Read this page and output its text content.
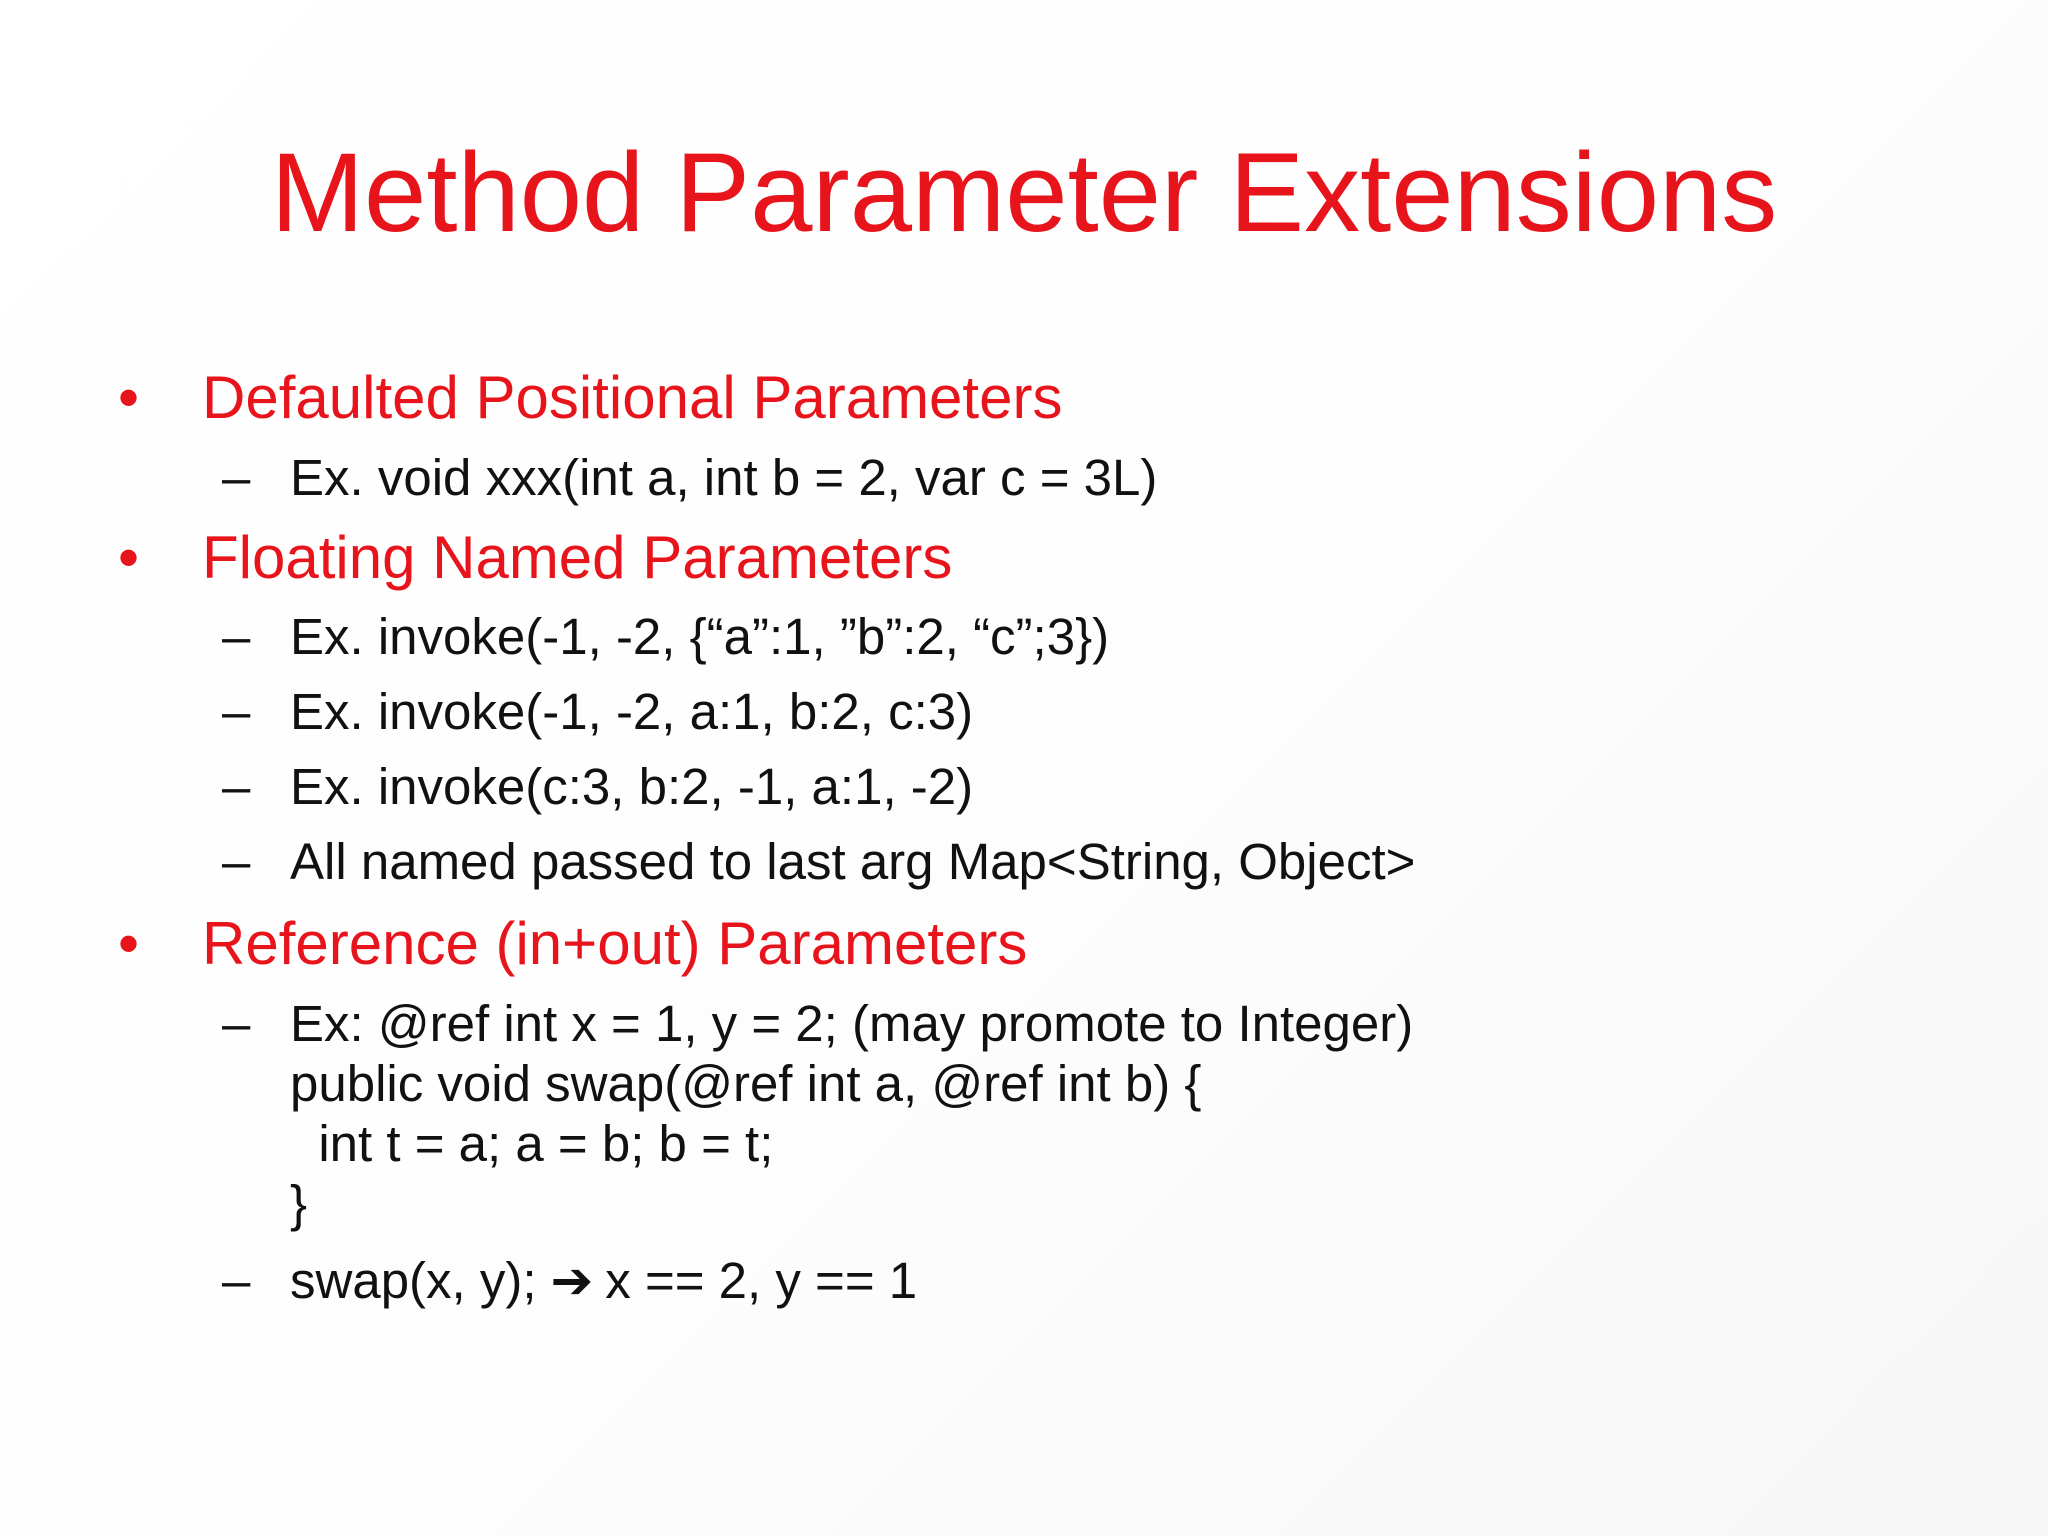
Method Parameter Extensions
• Defaulted Positional Parameters
– Ex. void xxx(int a, int b = 2, var c = 3L)
• Floating Named Parameters
– Ex. invoke(-1, -2, {“a”:1, ”b”:2, “c”;3})
– Ex. invoke(-1, -2, a:1, b:2, c:3)
– Ex. invoke(c:3, b:2, -1, a:1, -2)
– All named passed to last arg Map<String, Object>
• Reference (in+out) Parameters
– Ex: @ref int x = 1, y = 2; (may promote to Integer)
public void swap(@ref int a, @ref int b) {
int t = a; a = b; b = t;
}
– swap(x, y); ➔ x == 2, y == 1
